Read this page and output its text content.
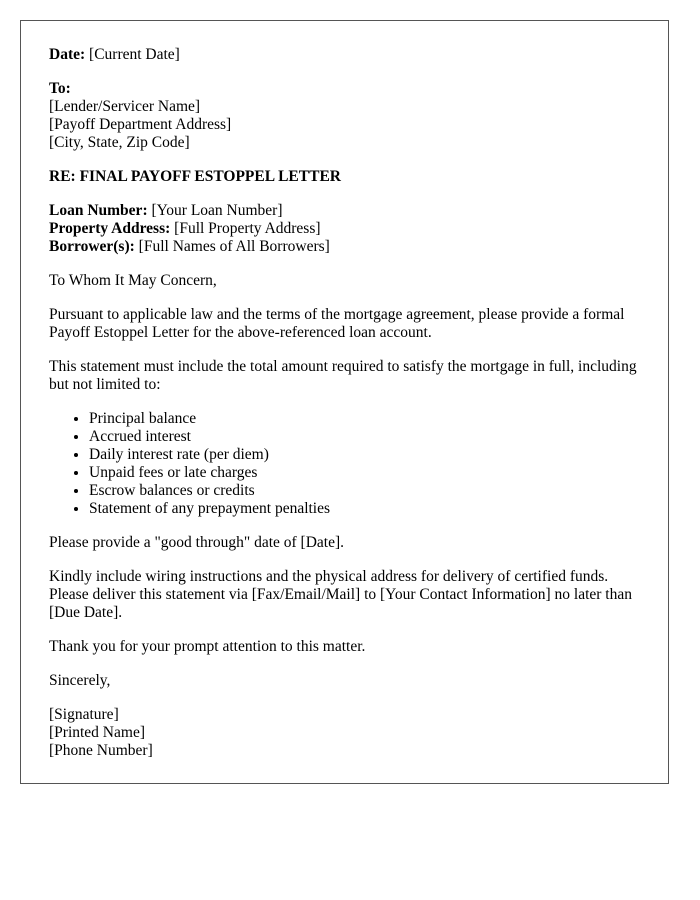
Date: [Current Date]
To:
[Lender/Servicer Name]
[Payoff Department Address]
[City, State, Zip Code]
RE: FINAL PAYOFF ESTOPPEL LETTER
Loan Number: [Your Loan Number]
Property Address: [Full Property Address]
Borrower(s): [Full Names of All Borrowers]
To Whom It May Concern,
Pursuant to applicable law and the terms of the mortgage agreement, please provide a formal Payoff Estoppel Letter for the above-referenced loan account.
This statement must include the total amount required to satisfy the mortgage in full, including but not limited to:
• Principal balance
• Accrued interest
• Daily interest rate (per diem)
• Unpaid fees or late charges
• Escrow balances or credits
• Statement of any prepayment penalties
Please provide a "good through" date of [Date].
Kindly include wiring instructions and the physical address for delivery of certified funds. Please deliver this statement via [Fax/Email/Mail] to [Your Contact Information] no later than [Due Date].
Thank you for your prompt attention to this matter.
Sincerely,
[Signature]
[Printed Name]
[Phone Number]
